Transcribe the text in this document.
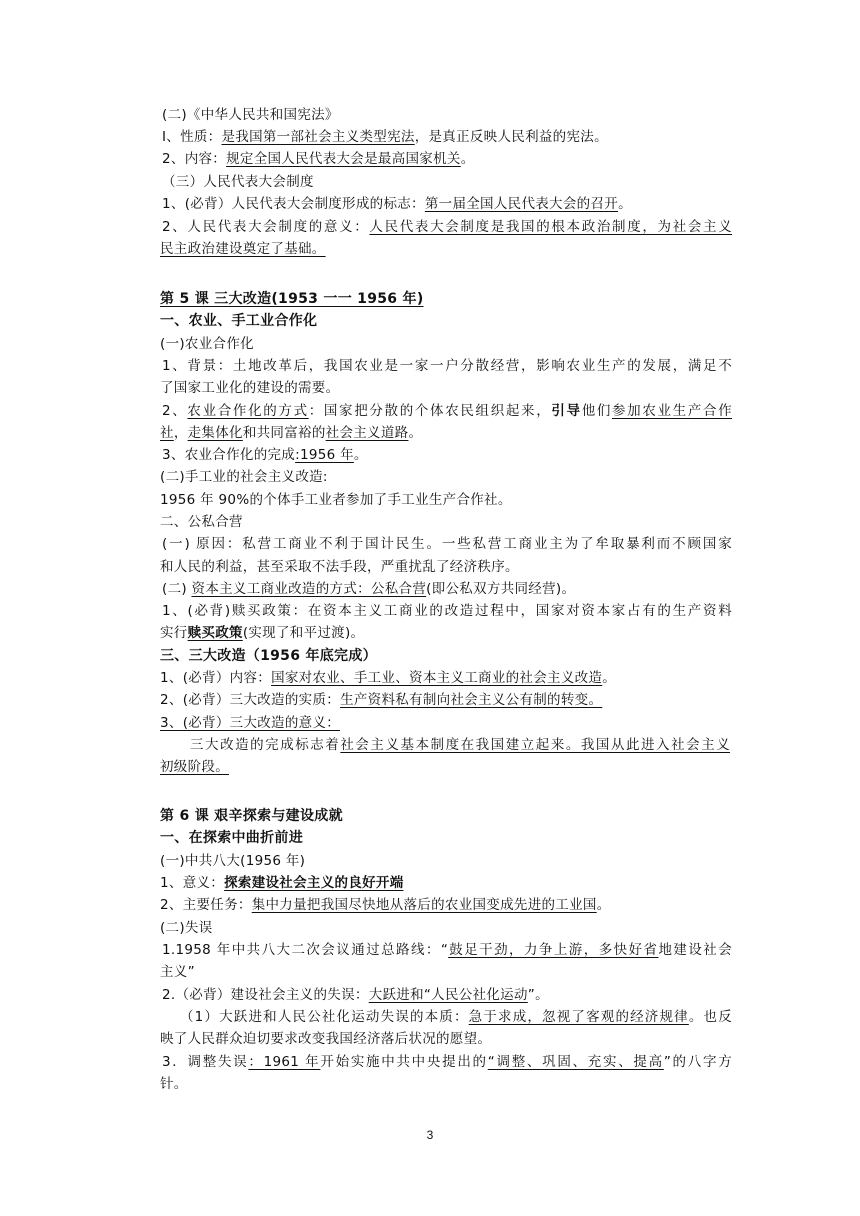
(二)《中华人民共和国宪法》
I、性质：是我国第一部社会主义类型宪法，是真正反映人民利益的宪法。
2、内容：规定全国人民代表大会是最高国家机关。
（三）人民代表大会制度
1、(必背）人民代表大会制度形成的标志：第一届全国人民代表大会的召开。
2、人民代表大会制度的意义：人民代表大会制度是我国的根本政治制度，为社会主义
民主政治建设奠定了基础。
第 5 课 三大改造(1953 一一 1956 年)
一、农业、手工业合作化
(一)农业合作化
1、背景：土地改革后，我国农业是一家一户分散经营，影响农业生产的发展，满足不
了国家工业化的建设的需要。
2、农业合作化的方式：国家把分散的个体农民组织起来，引导他们参加农业生产合作
社，走集体化和共同富裕的社会主义道路。
3、农业合作化的完成:1956 年。
(二)手工业的社会主义改造:
1956 年 90%的个体手工业者参加了手工业生产合作社。
二、公私合营
(一) 原因：私营工商业不利于国计民生。一些私营工商业主为了牟取暴利而不顾国家
和人民的利益，甚至采取不法手段，严重扰乱了经济秩序。
(二) 资本主义工商业改造的方式：公私合营(即公私双方共同经营)。
1、(必背)赎买政策：在资本主义工商业的改造过程中，国家对资本家占有的生产资料
实行赎买政策(实现了和平过渡)。
三、三大改造（1956 年底完成）
1、(必背）内容：国家对农业、手工业、资本主义工商业的社会主义改造。
2、(必背）三大改造的实质：生产资料私有制向社会主义公有制的转变。
3、(必背）三大改造的意义：
三大改造的完成标志着社会主义基本制度在我国建立起来。我国从此进入社会主义
初级阶段。
第 6 课 艰辛探索与建设成就
一、在探索中曲折前进
(一)中共八大(1956 年)
1、意义：探索建设社会主义的良好开端
2、主要任务：集中力量把我国尽快地从落后的农业国变成先进的工业国。
(二)失误
1.1958 年中共八大二次会议通过总路线：“鼓足干劲，力争上游，多快好省地建设社会
主义”
2.（必背）建设社会主义的失误：大跃进和“人民公社化运动”。
（1）大跃进和人民公社化运动失误的本质：急于求成，忽视了客观的经济规律。也反
映了人民群众迫切要求改变我国经济落后状况的愿望。
3．调整失误：1961 年开始实施中共中央提出的“调整、巩固、充实、提高”的八字方
针。
3
